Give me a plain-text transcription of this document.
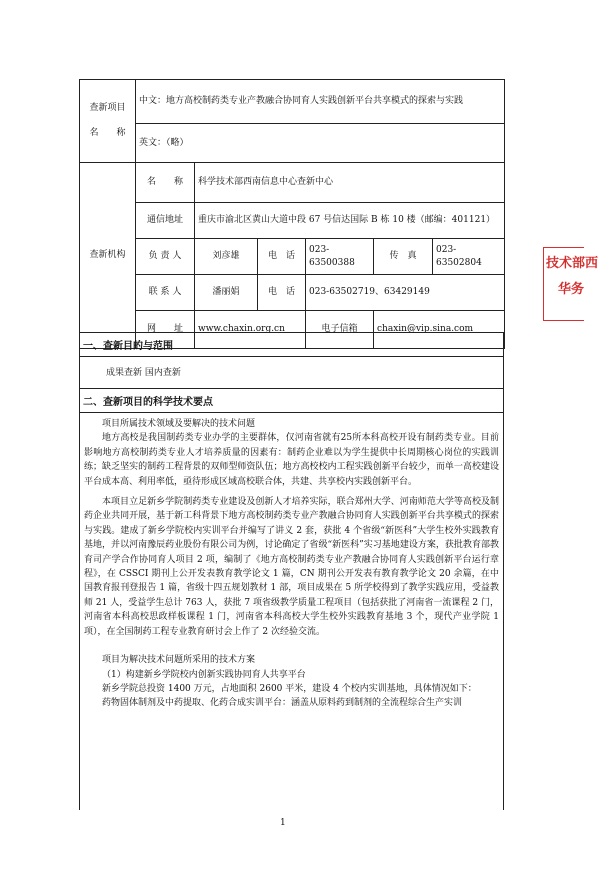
查新项目
名　　称	中文：地方高校制药类专业产教融合协同育人实践创新平台共享模式的探索与实践					
	英文：（略）					
查新机构	名　　称	科学技术部西南信息中心查新中心				
	通信地址	重庆市渝北区黄山大道中段 67 号信达国际 B 栋 10 楼（邮编：401121）				
	负 责 人	刘彦雄	电　话	023-63500388	传　真	023-63502804
	联 系 人	潘丽娟	电　话	023-63502719、63429149		
	网　　址	www.chaxin.org.cn		电子信箱	chaxin@vip.sina.com	
一、查新目的与范围
成果查新 国内查新
二、查新项目的科学技术要点
项目所属技术领域及要解决的技术问题
地方高校是我国制药类专业办学的主要群体，仅河南省就有25所本科高校开设有制药类专业。目前影响地方高校制药类专业人才培养质量的因素有：制药企业难以为学生提供中长周期核心岗位的实践训练；缺乏坚实的制药工程背景的双师型师资队伍；地方高校校内工程实践创新平台较少，而单一高校建设平台成本高、利用率低，亟待形成区域高校联合体，共建、共享校内实践创新平台。
本项目立足新乡学院制药类专业建设及创新人才培养实际，联合郑州大学、河南师范大学等高校及制药企业共同开展，基于新工科背景下地方高校制药类专业产教融合协同育人实践创新平台共享模式的探索与实践。建成了新乡学院校内实训平台并编写了讲义 2 套，获批 4 个省级“新医科”大学生校外实践教育基地，并以河南豫辰药业股份有限公司为例，讨论确定了省级“新医科”实习基地建设方案，获批教育部教育司产学合作协同育人项目 2 项，编制了《地方高校制药类专业产教融合协同育人实践创新平台运行章程》，在 CSSCI 期刊上公开发表教育教学论文 1 篇，CN 期刊公开发表有教育教学论文 20 余篇，在中国教育报刊登报告 1 篇，省级十四五规划教材 1 部，项目成果在 5 所学校得到了教学实践应用，受益教师 21 人，受益学生总计 763 人，获批 7 项省级教学质量工程项目（包括获批了河南省一流课程 2 门，河南省本科高校思政样板课程 1 门，河南省本科高校大学生校外实践教育基地 3 个，现代产业学院 1 项），在全国制药工程专业教育研讨会上作了 2 次经验交流。
项目为解决技术问题所采用的技术方案
（1）构建新乡学院校内创新实践协同育人共享平台
新乡学院总投资 1400 万元，占地面积 2600 平米，建设 4 个校内实训基地，具体情况如下：
药物固体制剂及中药提取、化药合成实训平台：涵盖从原料药到制剂的全流程综合生产实训
技术部西
华务
1
